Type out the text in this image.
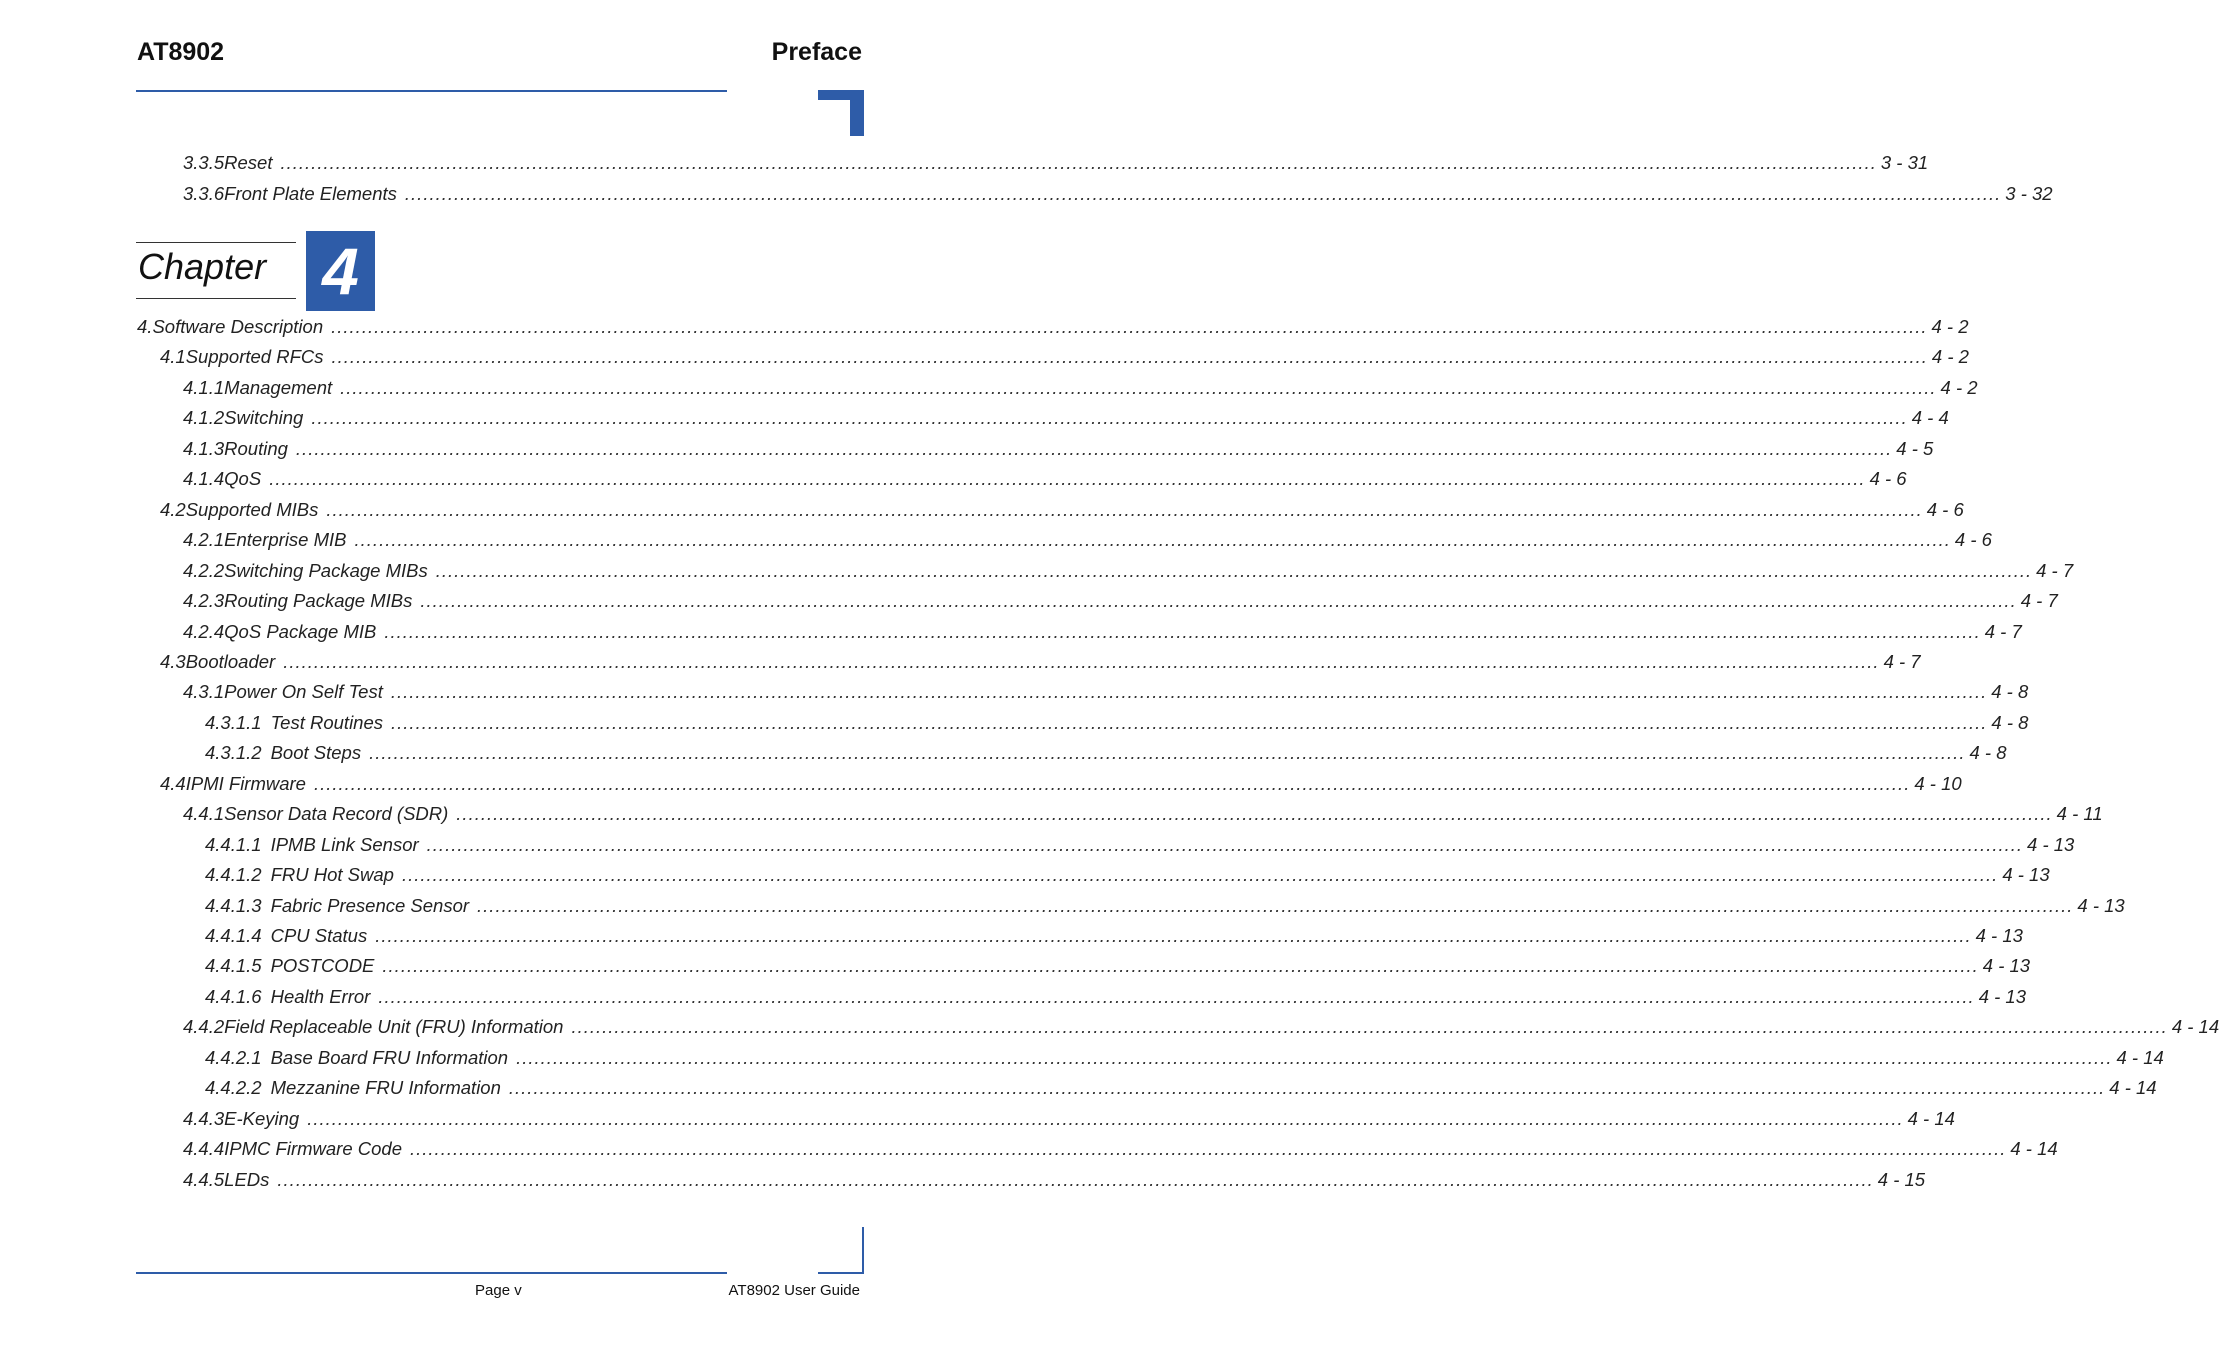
AT8902	Preface
3.3.5 Reset .................................................................................................................................................................................................................................................................... 3 - 31
3.3.6 Front Plate Elements .................................................................................................................................................................................................................................................................... 3 - 32
Chapter 4
4. Software Description .................................................................................................................................................................................................................................................................... 4 - 2
4.1 Supported RFCs .................................................................................................................................................................................................................................................................... 4 - 2
4.1.1 Management .................................................................................................................................................................................................................................................................... 4 - 2
4.1.2 Switching .................................................................................................................................................................................................................................................................... 4 - 4
4.1.3 Routing .................................................................................................................................................................................................................................................................... 4 - 5
4.1.4 QoS .................................................................................................................................................................................................................................................................... 4 - 6
4.2 Supported MIBs .................................................................................................................................................................................................................................................................... 4 - 6
4.2.1 Enterprise MIB .................................................................................................................................................................................................................................................................... 4 - 6
4.2.2 Switching Package MIBs .................................................................................................................................................................................................................................................................... 4 - 7
4.2.3 Routing Package MIBs .................................................................................................................................................................................................................................................................... 4 - 7
4.2.4 QoS Package MIB .................................................................................................................................................................................................................................................................... 4 - 7
4.3 Bootloader .................................................................................................................................................................................................................................................................... 4 - 7
4.3.1 Power On Self Test .................................................................................................................................................................................................................................................................... 4 - 8
4.3.1.1 Test Routines .................................................................................................................................................................................................................................................................... 4 - 8
4.3.1.2 Boot Steps .................................................................................................................................................................................................................................................................... 4 - 8
4.4 IPMI Firmware .................................................................................................................................................................................................................................................................... 4 - 10
4.4.1 Sensor Data Record (SDR) .................................................................................................................................................................................................................................................................... 4 - 11
4.4.1.1 IPMB Link Sensor .................................................................................................................................................................................................................................................................... 4 - 13
4.4.1.2 FRU Hot Swap .................................................................................................................................................................................................................................................................... 4 - 13
4.4.1.3 Fabric Presence Sensor .................................................................................................................................................................................................................................................................... 4 - 13
4.4.1.4 CPU Status .................................................................................................................................................................................................................................................................... 4 - 13
4.4.1.5 POSTCODE .................................................................................................................................................................................................................................................................... 4 - 13
4.4.1.6 Health Error .................................................................................................................................................................................................................................................................... 4 - 13
4.4.2 Field Replaceable Unit (FRU) Information .................................................................................................................................................................................................................................................................... 4 - 14
4.4.2.1 Base Board FRU Information .................................................................................................................................................................................................................................................................... 4 - 14
4.4.2.2 Mezzanine FRU Information .................................................................................................................................................................................................................................................................... 4 - 14
4.4.3 E-Keying .................................................................................................................................................................................................................................................................... 4 - 14
4.4.4 IPMC Firmware Code .................................................................................................................................................................................................................................................................... 4 - 14
4.4.5 LEDs .................................................................................................................................................................................................................................................................... 4 - 15
Page v	AT8902 User Guide
